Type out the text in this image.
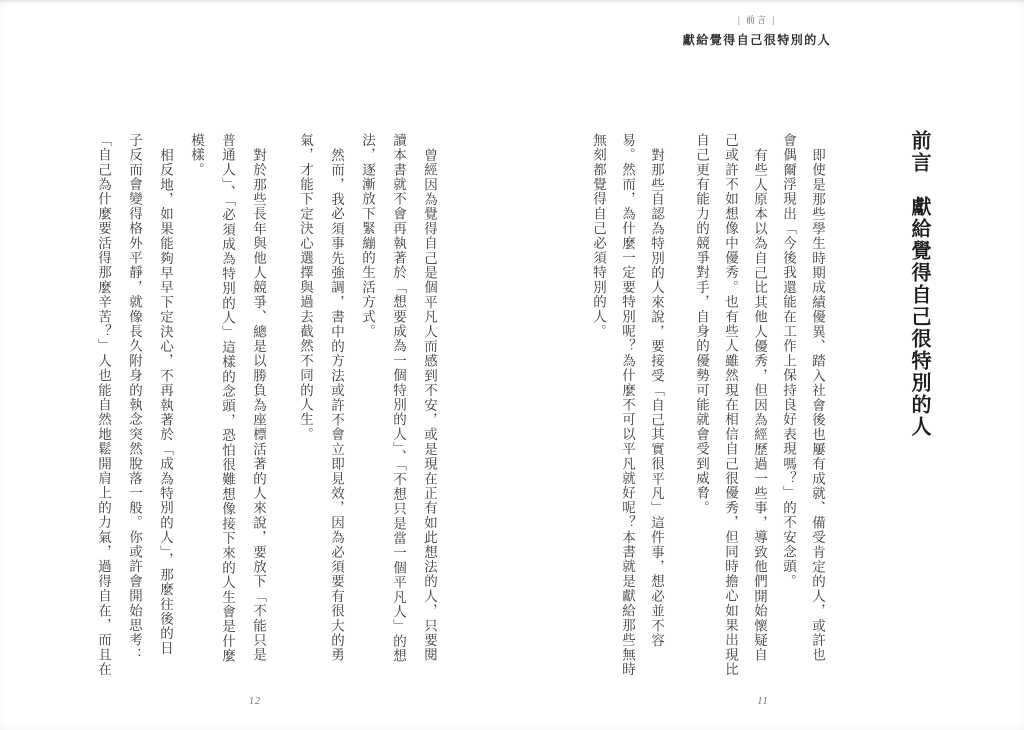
| 前言 |
獻給覺得自己很特別的人
前言　獻給覺得自己很特別的人

即使是那些學生時期成績優異、踏入社會後也屢有成就、備受肯定的人，或許也

會偶爾浮現出「今後我還能在工作上保持良好表現嗎？」的不安念頭。

有些人原本以為自己比其他人優秀，但因為經歷過一些事，導致他們開始懷疑自

己或許不如想像中優秀。也有些人雖然現在相信自己很優秀，但同時擔心如果出現比

自己更有能力的競爭對手，自身的優勢可能就會受到威脅。

對那些自認為特別的人來說，要接受「自己其實很平凡」這件事，想必並不容

易。然而，為什麼一定要特別呢？為什麼不可以平凡就好呢？本書就是獻給那些無時

無刻都覺得自己必須特別的人。

11

曾經因為覺得自己是個平凡人而感到不安，或是現在正有如此想法的人，只要閱

讀本書就不會再執著於「想要成為一個特別的人」、「不想只是當一個平凡人」的想

法，逐漸放下緊繃的生活方式。

然而，我必須事先強調，書中的方法或許不會立即見效，因為必須要有很大的勇

氣，才能下定決心選擇與過去截然不同的人生。

對於那些長年與他人競爭、總是以勝負為座標活著的人來說，要放下「不能只是

普通人」、「必須成為特別的人」這樣的念頭，恐怕很難想像接下來的人生會是什麼

模樣。

相反地，如果能夠早早下定決心，不再執著於「成為特別的人」，那麼往後的日

子反而會變得格外平靜，就像長久附身的執念突然脫落一般。你或許會開始思考：

「自己為什麼要活得那麼辛苦？」人也能自然地鬆開肩上的力氣，過得自在，而且在

12
